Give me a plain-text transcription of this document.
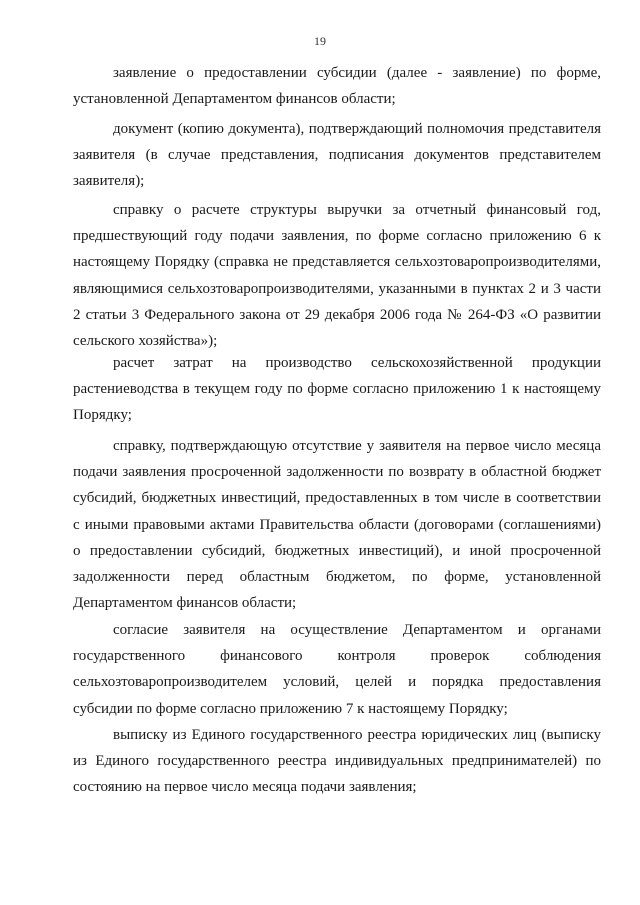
19

заявление о предоставлении субсидии (далее - заявление) по форме, установленной Департаментом финансов области;

документ (копию документа), подтверждающий полномочия представителя заявителя (в случае представления, подписания документов представителем заявителя);

справку о расчете структуры выручки за отчетный финансовый год, предшествующий году подачи заявления, по форме согласно приложению 6 к настоящему Порядку (справка не представляется сельхозтоваропроизводителями, являющимися сельхозтоваропроизводителями, указанными в пунктах 2 и 3 части 2 статьи 3 Федерального закона от 29 декабря 2006 года № 264-ФЗ «О развитии сельского хозяйства»);

расчет затрат на производство сельскохозяйственной продукции растениеводства в текущем году по форме согласно приложению 1 к настоящему Порядку;

справку, подтверждающую отсутствие у заявителя на первое число месяца подачи заявления просроченной задолженности по возврату в областной бюджет субсидий, бюджетных инвестиций, предоставленных в том числе в соответствии с иными правовыми актами Правительства области (договорами (соглашениями) о предоставлении субсидий, бюджетных инвестиций), и иной просроченной задолженности перед областным бюджетом, по форме, установленной Департаментом финансов области;

согласие заявителя на осуществление Департаментом и органами государственного финансового контроля проверок соблюдения сельхозтоваропроизводителем условий, целей и порядка предоставления субсидии по форме согласно приложению 7 к настоящему Порядку;

выписку из Единого государственного реестра юридических лиц (выписку из Единого государственного реестра индивидуальных предпринимателей) по состоянию на первое число месяца подачи заявления;
